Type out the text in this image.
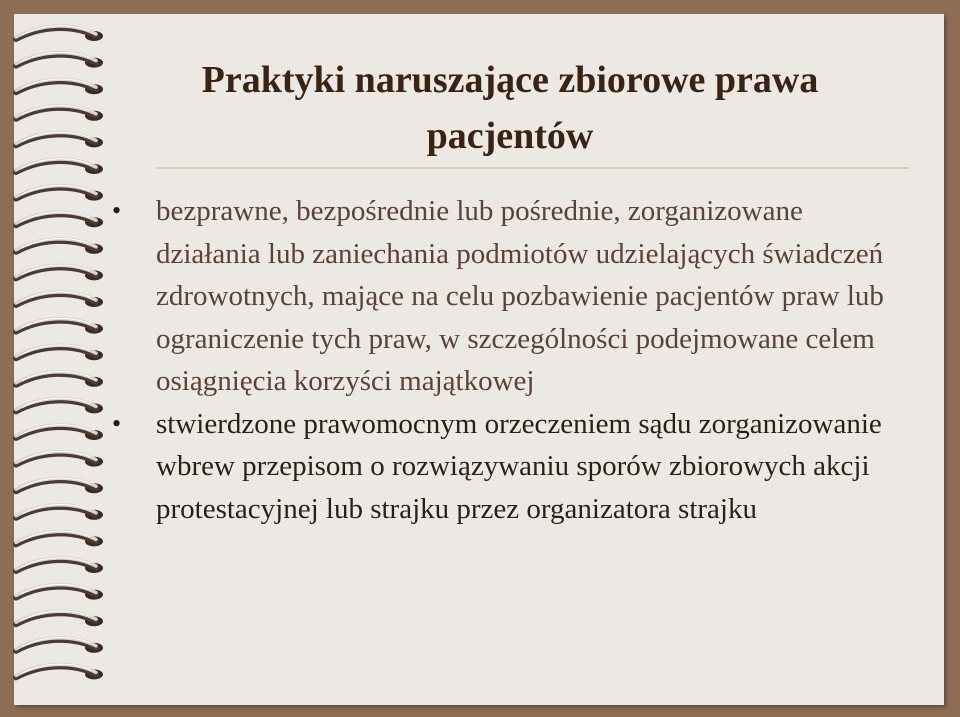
Praktyki naruszające zbiorowe prawa pacjentów
• bezprawne, bezpośrednie lub pośrednie, zorganizowane działania lub zaniechania podmiotów udzielających świadczeń zdrowotnych, mające na celu pozbawienie pacjentów praw lub ograniczenie tych praw, w szczególności podejmowane celem osiągnięcia korzyści majątkowej
• stwierdzone prawomocnym orzeczeniem sądu zorganizowanie wbrew przepisom o rozwiązywaniu sporów zbiorowych akcji protestacyjnej lub strajku przez organizatora strajku
